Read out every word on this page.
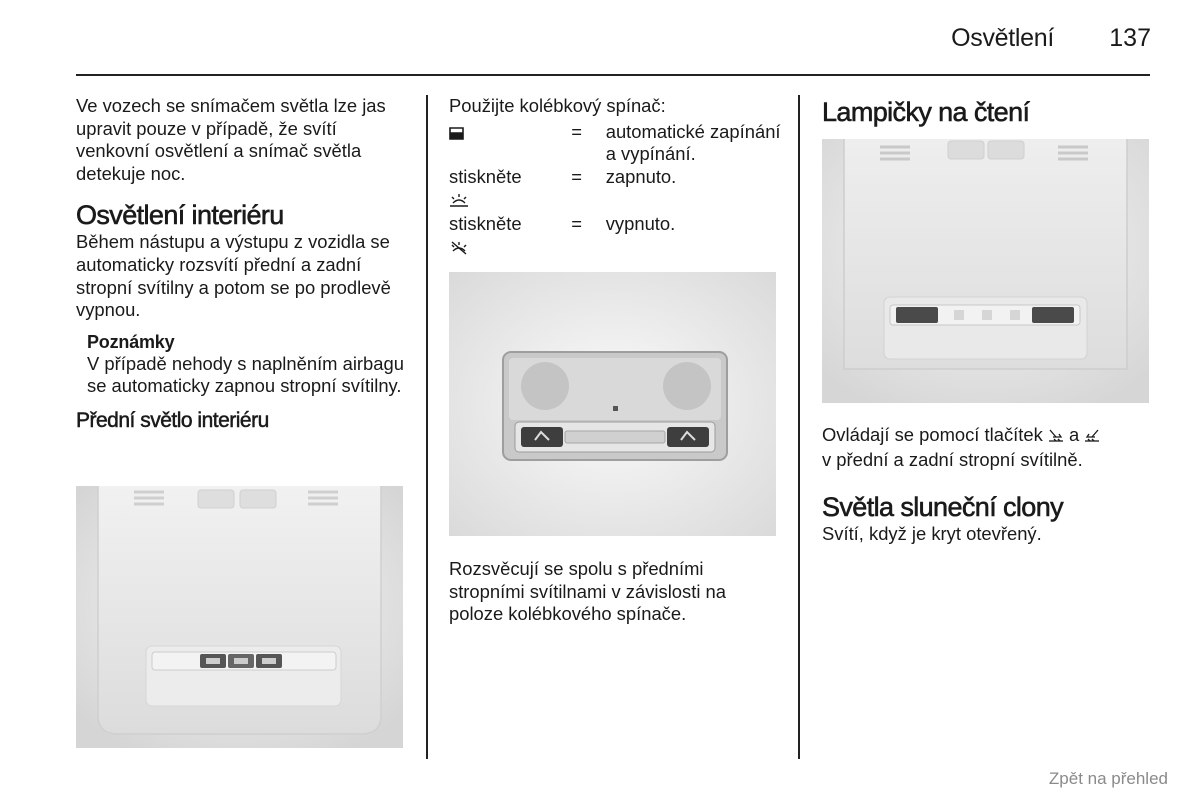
Osvětlení 137

Ve vozech se snímačem světla lze jas upravit pouze v případě, že svítí venkovní osvětlení a snímač světla detekuje noc.

Osvětlení interiéru

Během nástupu a výstupu z vozidla se automaticky rozsvítí přední a zadní stropní svítilny a potom se po prodlevě vypnou.

Poznámky

V případě nehody s naplněním airbagu se automaticky zapnou stropní svítilny.

Přední světlo interiéru

Použijte kolébkový spínač:

	=	automatické zapínání a vypínání.
stiskněte	=	zapnuto.
stiskněte	=	vypnuto.

Rozsvěcují se spolu s předními stropními svítilnami v závislosti na poloze kolébkového spínače.

Lampičky na čtení

Ovládají se pomocí tlačítek a
v přední a zadní stropní svítilně.

Světla sluneční clony

Svítí, když je kryt otevřený.

Zpět na přehled
